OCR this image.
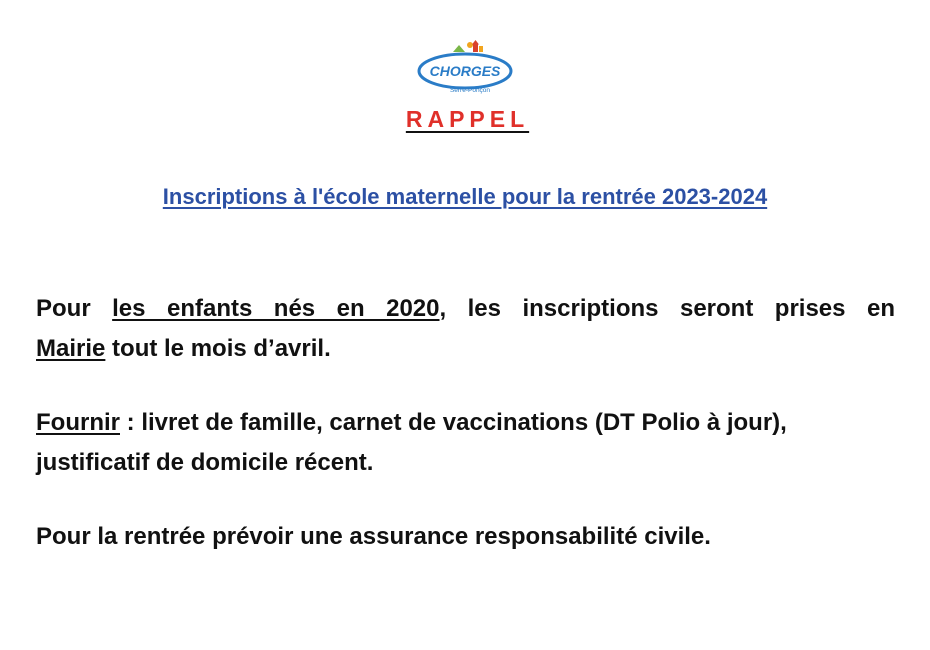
CHORGES
Serre-Ponçon
RAPPEL
Inscriptions à l'école maternelle pour la rentrée 2023-2024
Pour les enfants nés en 2020, les inscriptions seront prises en
Mairie tout le mois d’avril.
Fournir : livret de famille, carnet de vaccinations (DT Polio à jour),
justificatif de domicile récent.
Pour la rentrée prévoir une assurance responsabilité civile.
